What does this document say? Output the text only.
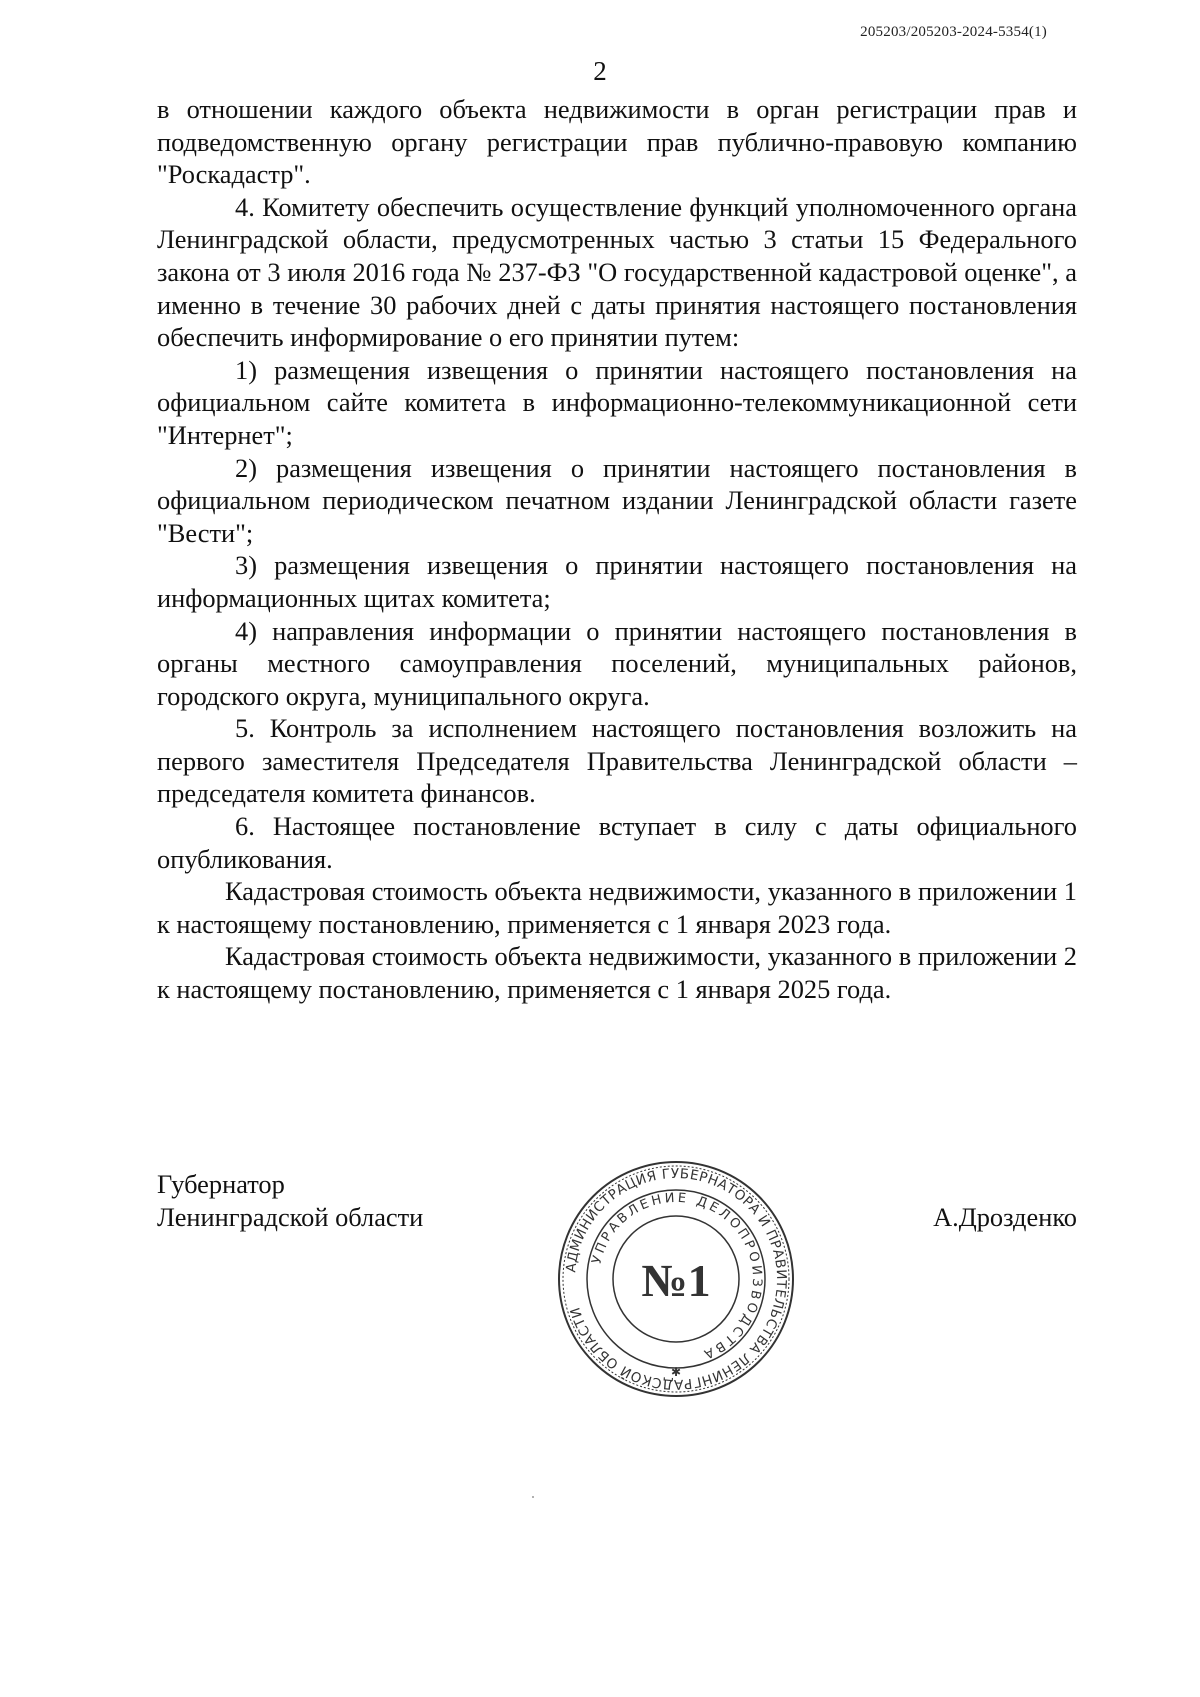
205203/205203-2024-5354(1)
2

в отношении каждого объекта недвижимости в орган регистрации прав и подведомственную органу регистрации прав публично-правовую компанию "Роскадастр".

4. Комитету обеспечить осуществление функций уполномоченного органа Ленинградской области, предусмотренных частью 3 статьи 15 Федерального закона от 3 июля 2016 года № 237-ФЗ "О государственной кадастровой оценке", а именно в течение 30 рабочих дней с даты принятия настоящего постановления обеспечить информирование о его принятии путем:

1) размещения извещения о принятии настоящего постановления на официальном сайте комитета в информационно-телекоммуникационной сети "Интернет";

2) размещения извещения о принятии настоящего постановления в официальном периодическом печатном издании Ленинградской области газете "Вести";

3) размещения извещения о принятии настоящего постановления на информационных щитах комитета;

4) направления информации о принятии настоящего постановления в органы местного самоуправления поселений, муниципальных районов, городского округа, муниципального округа.

5. Контроль за исполнением настоящего постановления возложить на первого заместителя Председателя Правительства Ленинградской области – председателя комитета финансов.

6. Настоящее постановление вступает в силу с даты официального опубликования.

Кадастровая стоимость объекта недвижимости, указанного в приложении 1 к настоящему постановлению, применяется с 1 января 2023 года.

Кадастровая стоимость объекта недвижимости, указанного в приложении 2 к настоящему постановлению, применяется с 1 января 2025 года.

Губернатор
Ленинградской области	А.Дрозденко
АДМИНИСТРАЦИЯ ГУБЕРНАТОРА И ПРАВИТЕЛЬСТВА ЛЕНИНГРАДСКОЙ ОБЛАСТИ
УПРАВЛЕНИЕ ДЕЛОПРОИЗВОДСТВА
№1
✱
